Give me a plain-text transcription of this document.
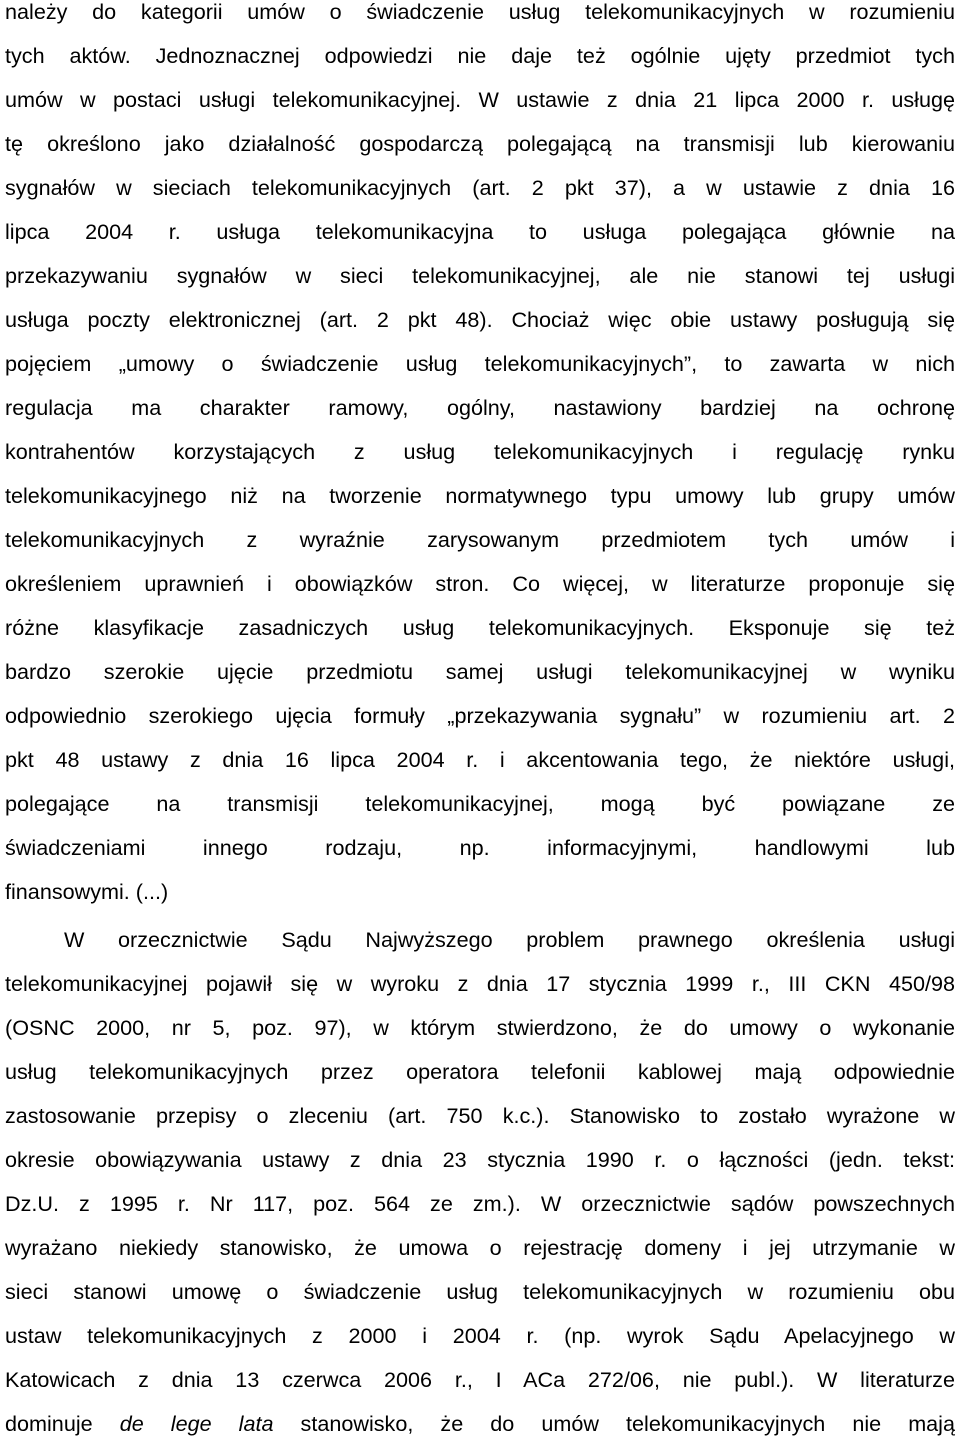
należy do kategorii umów o świadczenie usług telekomunikacyjnych w rozumieniu
tych aktów. Jednoznacznej odpowiedzi nie daje też ogólnie ujęty przedmiot tych
umów w postaci usługi telekomunikacyjnej. W ustawie z dnia 21 lipca 2000 r. usługę
tę określono jako działalność gospodarczą polegającą na transmisji lub kierowaniu
sygnałów w sieciach telekomunikacyjnych (art. 2 pkt 37), a w ustawie z dnia 16
lipca 2004 r. usługa telekomunikacyjna to usługa polegająca głównie na
przekazywaniu sygnałów w sieci telekomunikacyjnej, ale nie stanowi tej usługi
usługa poczty elektronicznej (art. 2 pkt 48). Chociaż więc obie ustawy posługują się
pojęciem „umowy o świadczenie usług telekomunikacyjnych”, to zawarta w nich
regulacja ma charakter ramowy, ogólny, nastawiony bardziej na ochronę
kontrahentów korzystających z usług telekomunikacyjnych i regulację rynku
telekomunikacyjnego niż na tworzenie normatywnego typu umowy lub grupy umów
telekomunikacyjnych z wyraźnie zarysowanym przedmiotem tych umów i
określeniem uprawnień i obowiązków stron. Co więcej, w literaturze proponuje się
różne klasyfikacje zasadniczych usług telekomunikacyjnych. Eksponuje się też
bardzo szerokie ujęcie przedmiotu samej usługi telekomunikacyjnej w wyniku
odpowiednio szerokiego ujęcia formuły „przekazywania sygnału” w rozumieniu art. 2
pkt 48 ustawy z dnia 16 lipca 2004 r. i akcentowania tego, że niektóre usługi,
polegające na transmisji telekomunikacyjnej, mogą być powiązane ze
świadczeniami innego rodzaju, np. informacyjnymi, handlowymi lub
finansowymi. (...)
W orzecznictwie Sądu Najwyższego problem prawnego określenia usługi
telekomunikacyjnej pojawił się w wyroku z dnia 17 stycznia 1999 r., III CKN 450/98
(OSNC 2000, nr 5, poz. 97), w którym stwierdzono, że do umowy o wykonanie
usług telekomunikacyjnych przez operatora telefonii kablowej mają odpowiednie
zastosowanie przepisy o zleceniu (art. 750 k.c.). Stanowisko to zostało wyrażone w
okresie obowiązywania ustawy z dnia 23 stycznia 1990 r. o łączności (jedn. tekst:
Dz.U. z 1995 r. Nr 117, poz. 564 ze zm.). W orzecznictwie sądów powszechnych
wyrażano niekiedy stanowisko, że umowa o rejestrację domeny i jej utrzymanie w
sieci stanowi umowę o świadczenie usług telekomunikacyjnych w rozumieniu obu
ustaw telekomunikacyjnych z 2000 i 2004 r. (np. wyrok Sądu Apelacyjnego w
Katowicach z dnia 13 czerwca 2006 r., I ACa 272/06, nie publ.). W literaturze
dominuje de lege lata stanowisko, że do umów telekomunikacyjnych nie mają
